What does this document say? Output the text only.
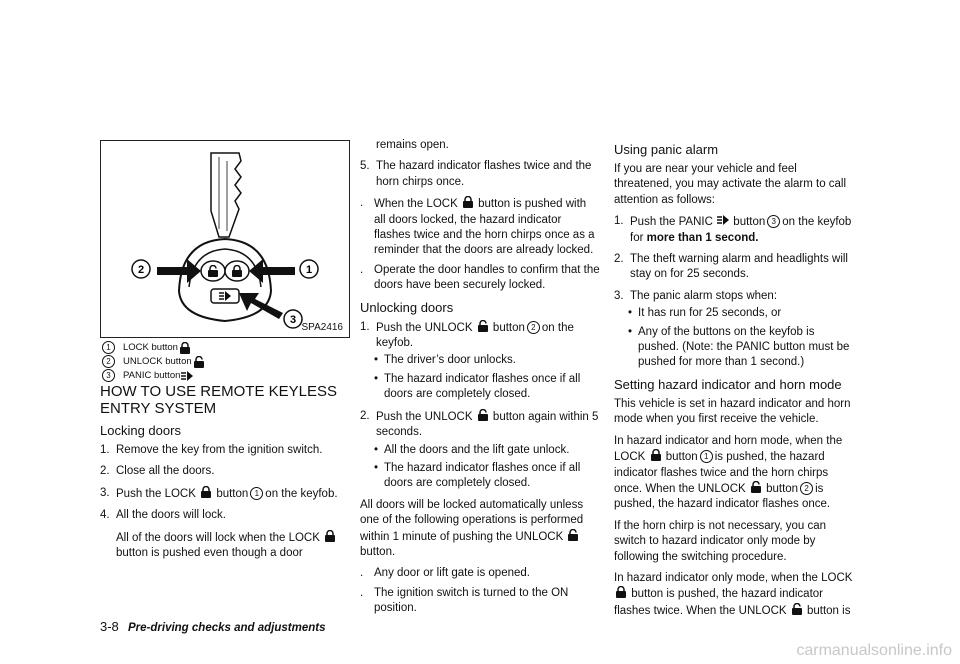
2	1
3
SPA2416
1	LOCK button
2	UNLOCK button
3	PANIC button
HOW TO USE REMOTE KEYLESS ENTRY SYSTEM
Locking doors
1. Remove the key from the ignition switch.
2. Close all the doors.
3. Push the LOCK button 1 on the keyfob.
4. All the doors will lock.

All of the doors will lock when the LOCK  button is pushed even though a door

remains open.

5. The hazard indicator flashes twice and the horn chirps once.
. When the LOCK button is pushed with all doors locked, the hazard indicator flashes twice and the horn chirps once as a reminder that the doors are already locked.
. Operate the door handles to confirm that the doors have been securely locked.
Unlocking doors
1. Push the UNLOCK button 2 on the keyfob.
• The driver’s door unlocks.
• The hazard indicator flashes once if all doors are completely closed.
2. Push the UNLOCK button again within 5 seconds.
• All the doors and the lift gate unlock.
• The hazard indicator flashes once if all doors are completely closed.

All doors will be locked automatically unless one of the following operations is performed within 1 minute of pushing the UNLOCK  button.

. Any door or lift gate is opened.
. The ignition switch is turned to the ON position.
Using panic alarm

If you are near your vehicle and feel threatened, you may activate the alarm to call attention as follows:

1. Push the PANIC button 3 on the keyfob for more than 1 second.
2. The theft warning alarm and headlights will stay on for 25 seconds.
3. The panic alarm stops when:
• It has run for 25 seconds, or
• Any of the buttons on the keyfob is pushed. (Note: the PANIC button must be pushed for more than 1 second.)
Setting hazard indicator and horn mode

This vehicle is set in hazard indicator and horn mode when you first receive the vehicle.

In hazard indicator and horn mode, when the LOCK button 1 is pushed, the hazard indicator flashes twice and the horn chirps once. When the UNLOCK button 2 is pushed, the hazard indicator flashes once.

If the horn chirp is not necessary, you can switch to hazard indicator only mode by following the switching procedure.

In hazard indicator only mode, when the LOCK  button is pushed, the hazard indicator flashes twice. When the UNLOCK button is

3-8 Pre-driving checks and adjustments
carmanualsonline.info
